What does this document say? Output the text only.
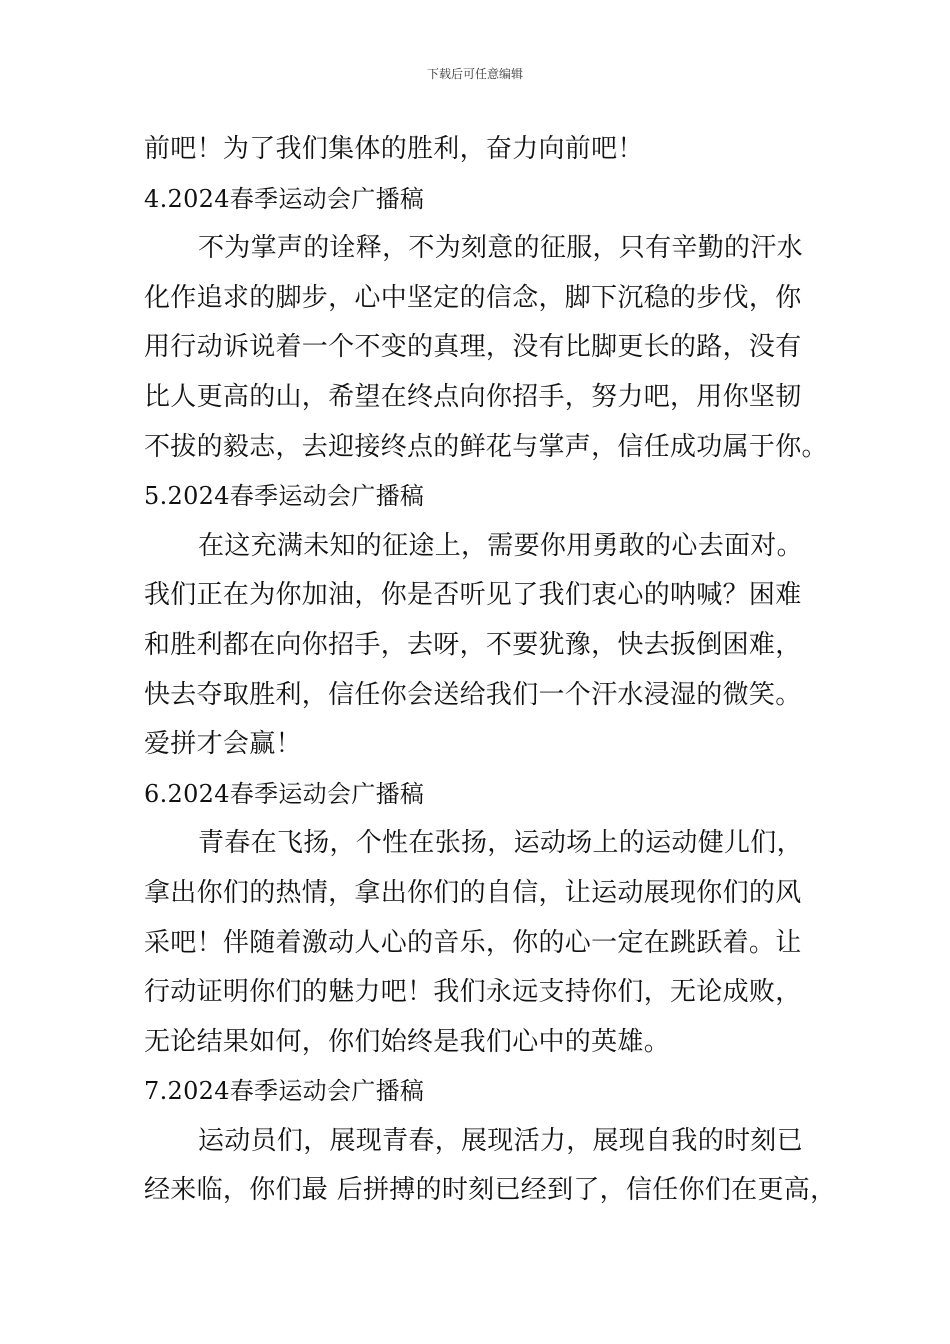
下载后可任意编辑
前吧！为了我们集体的胜利，奋力向前吧！
4.2024春季运动会广播稿
不为掌声的诠释，不为刻意的征服，只有辛勤的汗水
化作追求的脚步，心中坚定的信念，脚下沉稳的步伐，你
用行动诉说着一个不变的真理，没有比脚更长的路，没有
比人更高的山，希望在终点向你招手，努力吧，用你坚韧
不拔的毅志，去迎接终点的鲜花与掌声，信任成功属于你。
5.2024春季运动会广播稿
在这充满未知的征途上，需要你用勇敢的心去面对。
我们正在为你加油，你是否听见了我们衷心的呐喊？困难
和胜利都在向你招手，去呀，不要犹豫，快去扳倒困难，
快去夺取胜利，信任你会送给我们一个汗水浸湿的微笑。
爱拼才会赢！
6.2024春季运动会广播稿
青春在飞扬，个性在张扬，运动场上的运动健儿们，
拿出你们的热情，拿出你们的自信，让运动展现你们的风
采吧！伴随着激动人心的音乐，你的心一定在跳跃着。让
行动证明你们的魅力吧！我们永远支持你们，无论成败，
无论结果如何，你们始终是我们心中的英雄。
7.2024春季运动会广播稿
运动员们，展现青春，展现活力，展现自我的时刻已
经来临，你们最 后拼搏的时刻已经到了，信任你们在更高，
